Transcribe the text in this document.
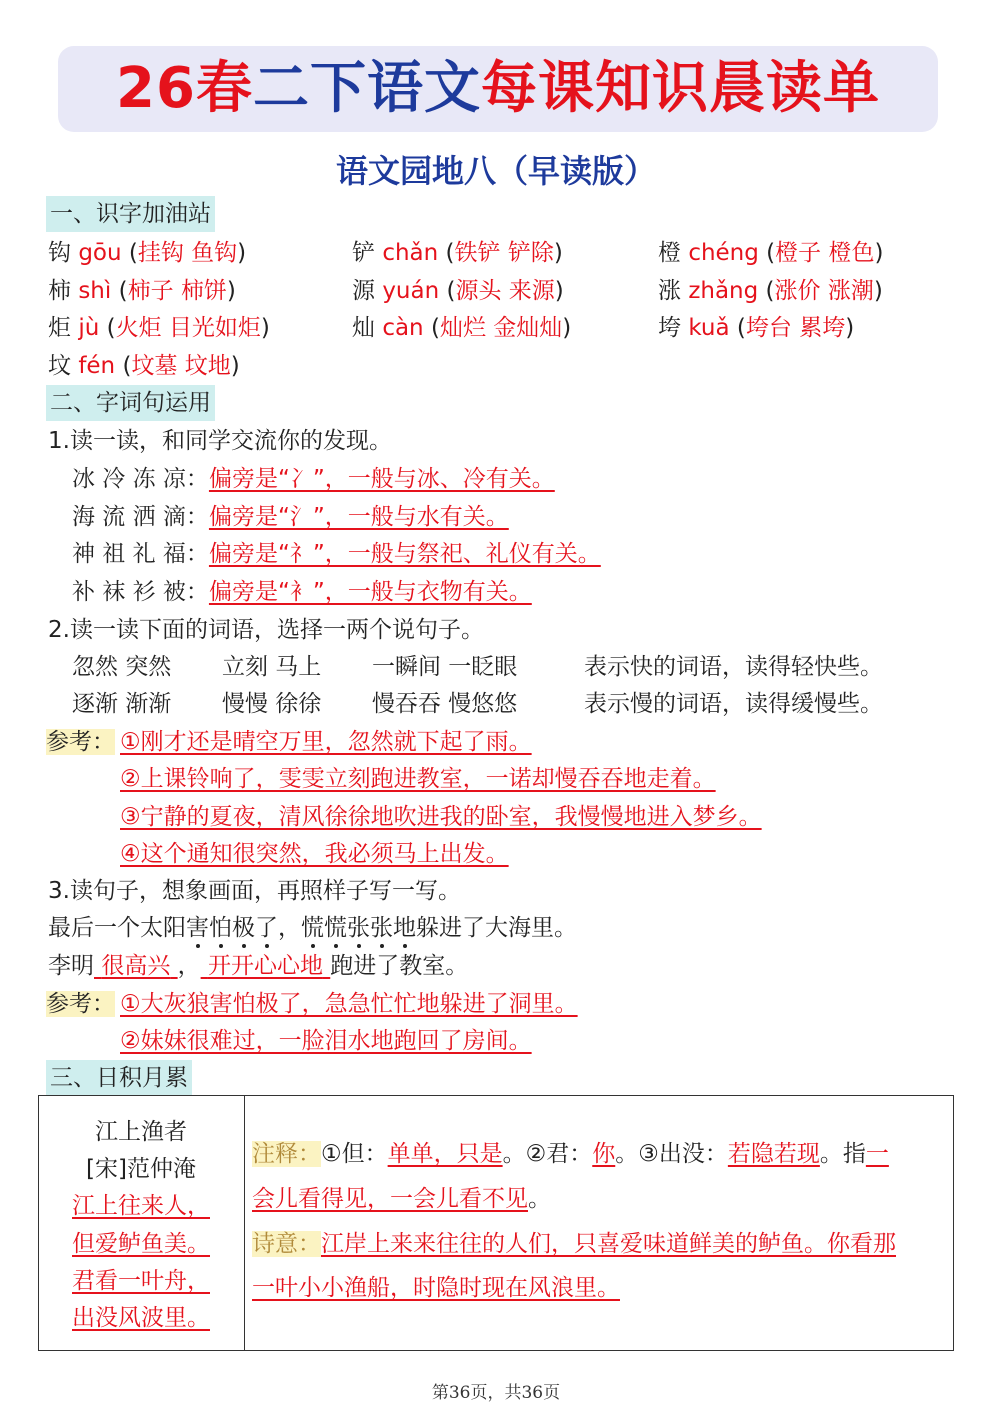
26春二下语文每课知识晨读单
语文园地八（早读版）
一、识字加油站
钩 gōu (挂钩 鱼钩)	铲 chǎn (铁铲 铲除)	橙 chéng (橙子 橙色)
柿 shì (柿子 柿饼)	源 yuán (源头 来源)	涨 zhǎng (涨价 涨潮)
炬 jù (火炬 目光如炬)	灿 càn (灿烂 金灿灿)	垮 kuǎ (垮台 累垮)
坟 fén (坟墓 坟地)
二、字词句运用
1.读一读，和同学交流你的发现。
冰 冷 冻 凉：偏旁是“冫”，一般与冰、冷有关。
海 流 洒 滴：偏旁是“氵”，一般与水有关。
神 祖 礼 福：偏旁是“礻”，一般与祭祀、礼仪有关。
补 袜 衫 被：偏旁是“衤”，一般与衣物有关。
2.读一读下面的词语，选择一两个说句子。
忽然 突然 立刻 马上 一瞬间 一眨眼	表示快的词语，读得轻快些。
逐渐 渐渐 慢慢 徐徐 慢吞吞 慢悠悠	表示慢的词语，读得缓慢些。
参考： ①刚才还是晴空万里，忽然就下起了雨。
②上课铃响了，雯雯立刻跑进教室，一诺却慢吞吞地走着。
③宁静的夏夜，清风徐徐地吹进我的卧室，我慢慢地进入梦乡。
④这个通知很突然，我必须马上出发。
3.读句子，想象画面，再照样子写一写。
最后一个太阳害怕极了，慌慌张张地躲进了大海里。
李明 很高兴 ， 开开心心地 跑进了教室。
参考： ①大灰狼害怕极了，急急忙忙地躲进了洞里。
②妹妹很难过，一脸泪水地跑回了房间。
三、日积月累
江上渔者
[宋]范仲淹
江上往来人，
但爱鲈鱼美。
君看一叶舟，
出没风波里。
注释：①但：单单，只是。②君：你。③出没：若隐若现。指一
会儿看得见，一会儿看不见。
诗意：江岸上来来往往的人们，只喜爱味道鲜美的鲈鱼。你看那
一叶小小渔船，时隐时现在风浪里。
第36页，共36页
